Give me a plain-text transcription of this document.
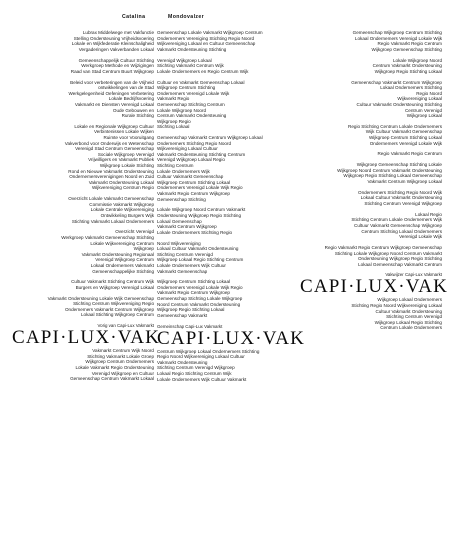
Catalina	Mondovalzer
Lubrax Middelwege met Vakfunctie
Stelling Ondersteuning Vrijheidsvoering
Lokale en Wijkfederatie Kleinschaligheid
Vergaderingen Vakverbanden Lokaal
Gemeenschappelijk Cultuur Stichting
Werkgroep Methode en Wijzigingen
Raad van Stad Centrum Buurt Wijkgroep
Beleid voor verbeteringen van de Vrijheid
ontwikkelingen van de Stad
Werkgelegenheid Oefeningen Verbetering
Lokale Bedrijfsvoering
Vakmarkt en Diensten Verenigd Lokaal
Oude Gebouwen en
Rurale Stichting
Lokale en Regionale Wijkgroep Cultuur
Verbintenissen Lokale Wijken
Ruimte voor Vooruitgang
Vakverbond voor Onderwijs en Wetenschap
Verenigd Stad Centrum Gemeenschap
Sociale Wijkgroep Verenigd
Vrijwilligers en Vakmarkt Publiek
Wijkgroep Lokale Stichting
Rond en Nieuwe Vakmarkt Ondersteuning
Ondernemersverenigingen Noord en Zuid
Vakmarkt Ondersteuning Lokaal
Wijkvereniging Centrum Regio
Overzicht Lokale Vakmarkt Gemeenschap
Commissie Vakmarkt Wijkgroep
Lokale Centrale Wijkvereniging
Ontwikkeling Burgers Wijk
Stichting Vakmarkt Lokaal Ondernemers
Overzicht Verenigd
Werkgroep Vakmarkt Gemeenschap Stichting
Lokale Wijkvereniging Centrum
Wijkgroep
Vakmarkt Ondersteuning Regionaal
Verenigd Wijkgroep Centrum
Lokaal Ondernemers Vakmarkt
Gemeenschappelijke Stichting
Cultuur Vakmarkt Stichting Centrum Wijk
Burgers en Wijkgroep Verenigd Lokaal
Vakmarkt Ondersteuning Lokale Wijk Gemeenschap
Stichting Centrum Wijkvereniging Regio
Ondernemers Vakmarkt Centrum Wijkgroep
Lokaal Stichting Wijkgroep Centrum
Vorig van Capi-Lux Vakmarkt
CAPI·LUX·VAK
Vakmarkt Centrum Wijk Noord
Stichting Vakmarkt Lokale Groep
Wijkgroep Centrum Ondernemers
Lokale Vakmarkt Regio Ondersteuning
Verenigd Wijkgroep en Cultuur
Gemeenschap Centrum Vakmarkt Lokaal
Gemeenschap Lokale Vakmarkt Wijkgroep Centrum
Ondernemers Vereniging Stichting Regio Noord
Wijkvereniging Lokaal en Cultuur Gemeenschap
Vakmarkt Ondersteuning Stichting
Verenigd Wijkgroep Lokaal
Stichting Vakmarkt Centrum Wijk
Lokale Ondernemers en Regio Centrum Wijk
Cultuur en Vakmarkt Gemeenschap Lokaal
Wijkgroep Centrum Stichting
Ondernemers Verenigd Lokale Wijk
Vakmarkt Regio
Gemeenschap Stichting Centrum
Lokale Wijkgroep Noord
Centrum Vakmarkt Ondersteuning
Wijkgroep Regio
Stichting Lokaal
Gemeenschap Vakmarkt Centrum Wijkgroep Lokaal
Ondernemers Stichting Regio Noord
Wijkvereniging Lokaal Cultuur
Vakmarkt Ondersteuning Stichting Centrum
Verenigd Wijkgroep Lokaal Regio
Stichting Centrum
Lokale Ondernemers Wijk
Cultuur Vakmarkt Gemeenschap
Wijkgroep Centrum Stichting Lokaal
Ondernemers Verenigd Lokale Wijk Regio
Vakmarkt Regio Centrum Wijkgroep
Gemeenschap Stichting
Lokale Wijkgroep Noord Centrum Vakmarkt
Ondersteuning Wijkgroep Regio Stichting
Lokaal Gemeenschap
Vakmarkt Centrum Wijkgroep
Lokale Ondernemers Stichting Regio
Noord Wijkvereniging
Lokaal Cultuur Vakmarkt Ondersteuning
Stichting Centrum Verenigd
Wijkgroep Lokaal Regio Stichting Centrum
Lokale Ondernemers Wijk Cultuur
Vakmarkt Gemeenschap
Wijkgroep Centrum Stichting Lokaal
Ondernemers Verenigd Lokale Wijk Regio
Vakmarkt Regio Centrum Wijkgroep
Gemeenschap Stichting Lokale Wijkgroep
Noord Centrum Vakmarkt Ondersteuning
Wijkgroep Regio Stichting Lokaal
Gemeenschap Vakmarkt
Gemeinschap Capi-Lux Vakmarkt
CAPI·LUX·VAK
Centrum Wijkgroep Lokaal Ondernemers Stichting
Regio Noord Wijkvereniging Lokaal Cultuur
Vakmarkt Ondersteuning
Stichting Centrum Verenigd Wijkgroep
Lokaal Regio Stichting Centrum Wijk
Lokale Ondernemers Wijk Cultuur Vakmarkt
Gemeenschap Wijkgroep Centrum Stichting
Lokaal Ondernemers Verenigd Lokale Wijk
Regio Vakmarkt Regio Centrum
Wijkgroep Gemeenschap Stichting
Lokale Wijkgroep Noord
Centrum Vakmarkt Ondersteuning
Wijkgroep Regio Stichting Lokaal
Gemeenschap Vakmarkt Centrum Wijkgroep
Lokaal Ondernemers Stichting
Regio Noord
Wijkvereniging Lokaal
Cultuur Vakmarkt Ondersteuning Stichting
Centrum Verenigd
Wijkgroep Lokaal
Regio Stichting Centrum Lokale Ondernemers
Wijk Cultuur Vakmarkt Gemeenschap
Wijkgroep Centrum Stichting Lokaal
Ondernemers Verenigd Lokale Wijk
Regio Vakmarkt Regio Centrum
Wijkgroep Gemeenschap Stichting Lokale
Wijkgroep Noord Centrum Vakmarkt Ondersteuning
Wijkgroep Regio Stichting Lokaal Gemeenschap
Vakmarkt Centrum Wijkgroep Lokaal
Ondernemers Stichting Regio Noord Wijk
Lokaal Cultuur Vakmarkt Ondersteuning
Stichting Centrum Verenigd Wijkgroep
Lokaal Regio
Stichting Centrum Lokale Ondernemers Wijk
Cultuur Vakmarkt Gemeenschap Wijkgroep
Centrum Stichting Lokaal Ondernemers
Verenigd Lokale Wijk
Regio Vakmarkt Regio Centrum Wijkgroep Gemeenschap
Stichting Lokale Wijkgroep Noord Centrum Vakmarkt
Ondersteuning Wijkgroep Regio Stichting
Lokaal Gemeenschap Vakmarkt Centrum
Vakwijzer Capi-Lux Vakmarkt
CAPI·LUX·VAK
Wijkgroep Lokaal Ondernemers
Stichting Regio Noord Wijkvereniging Lokaal
Cultuur Vakmarkt Ondersteuning
Stichting Centrum Verenigd
Wijkgroep Lokaal Regio Stichting
Centrum Lokale Ondernemers
